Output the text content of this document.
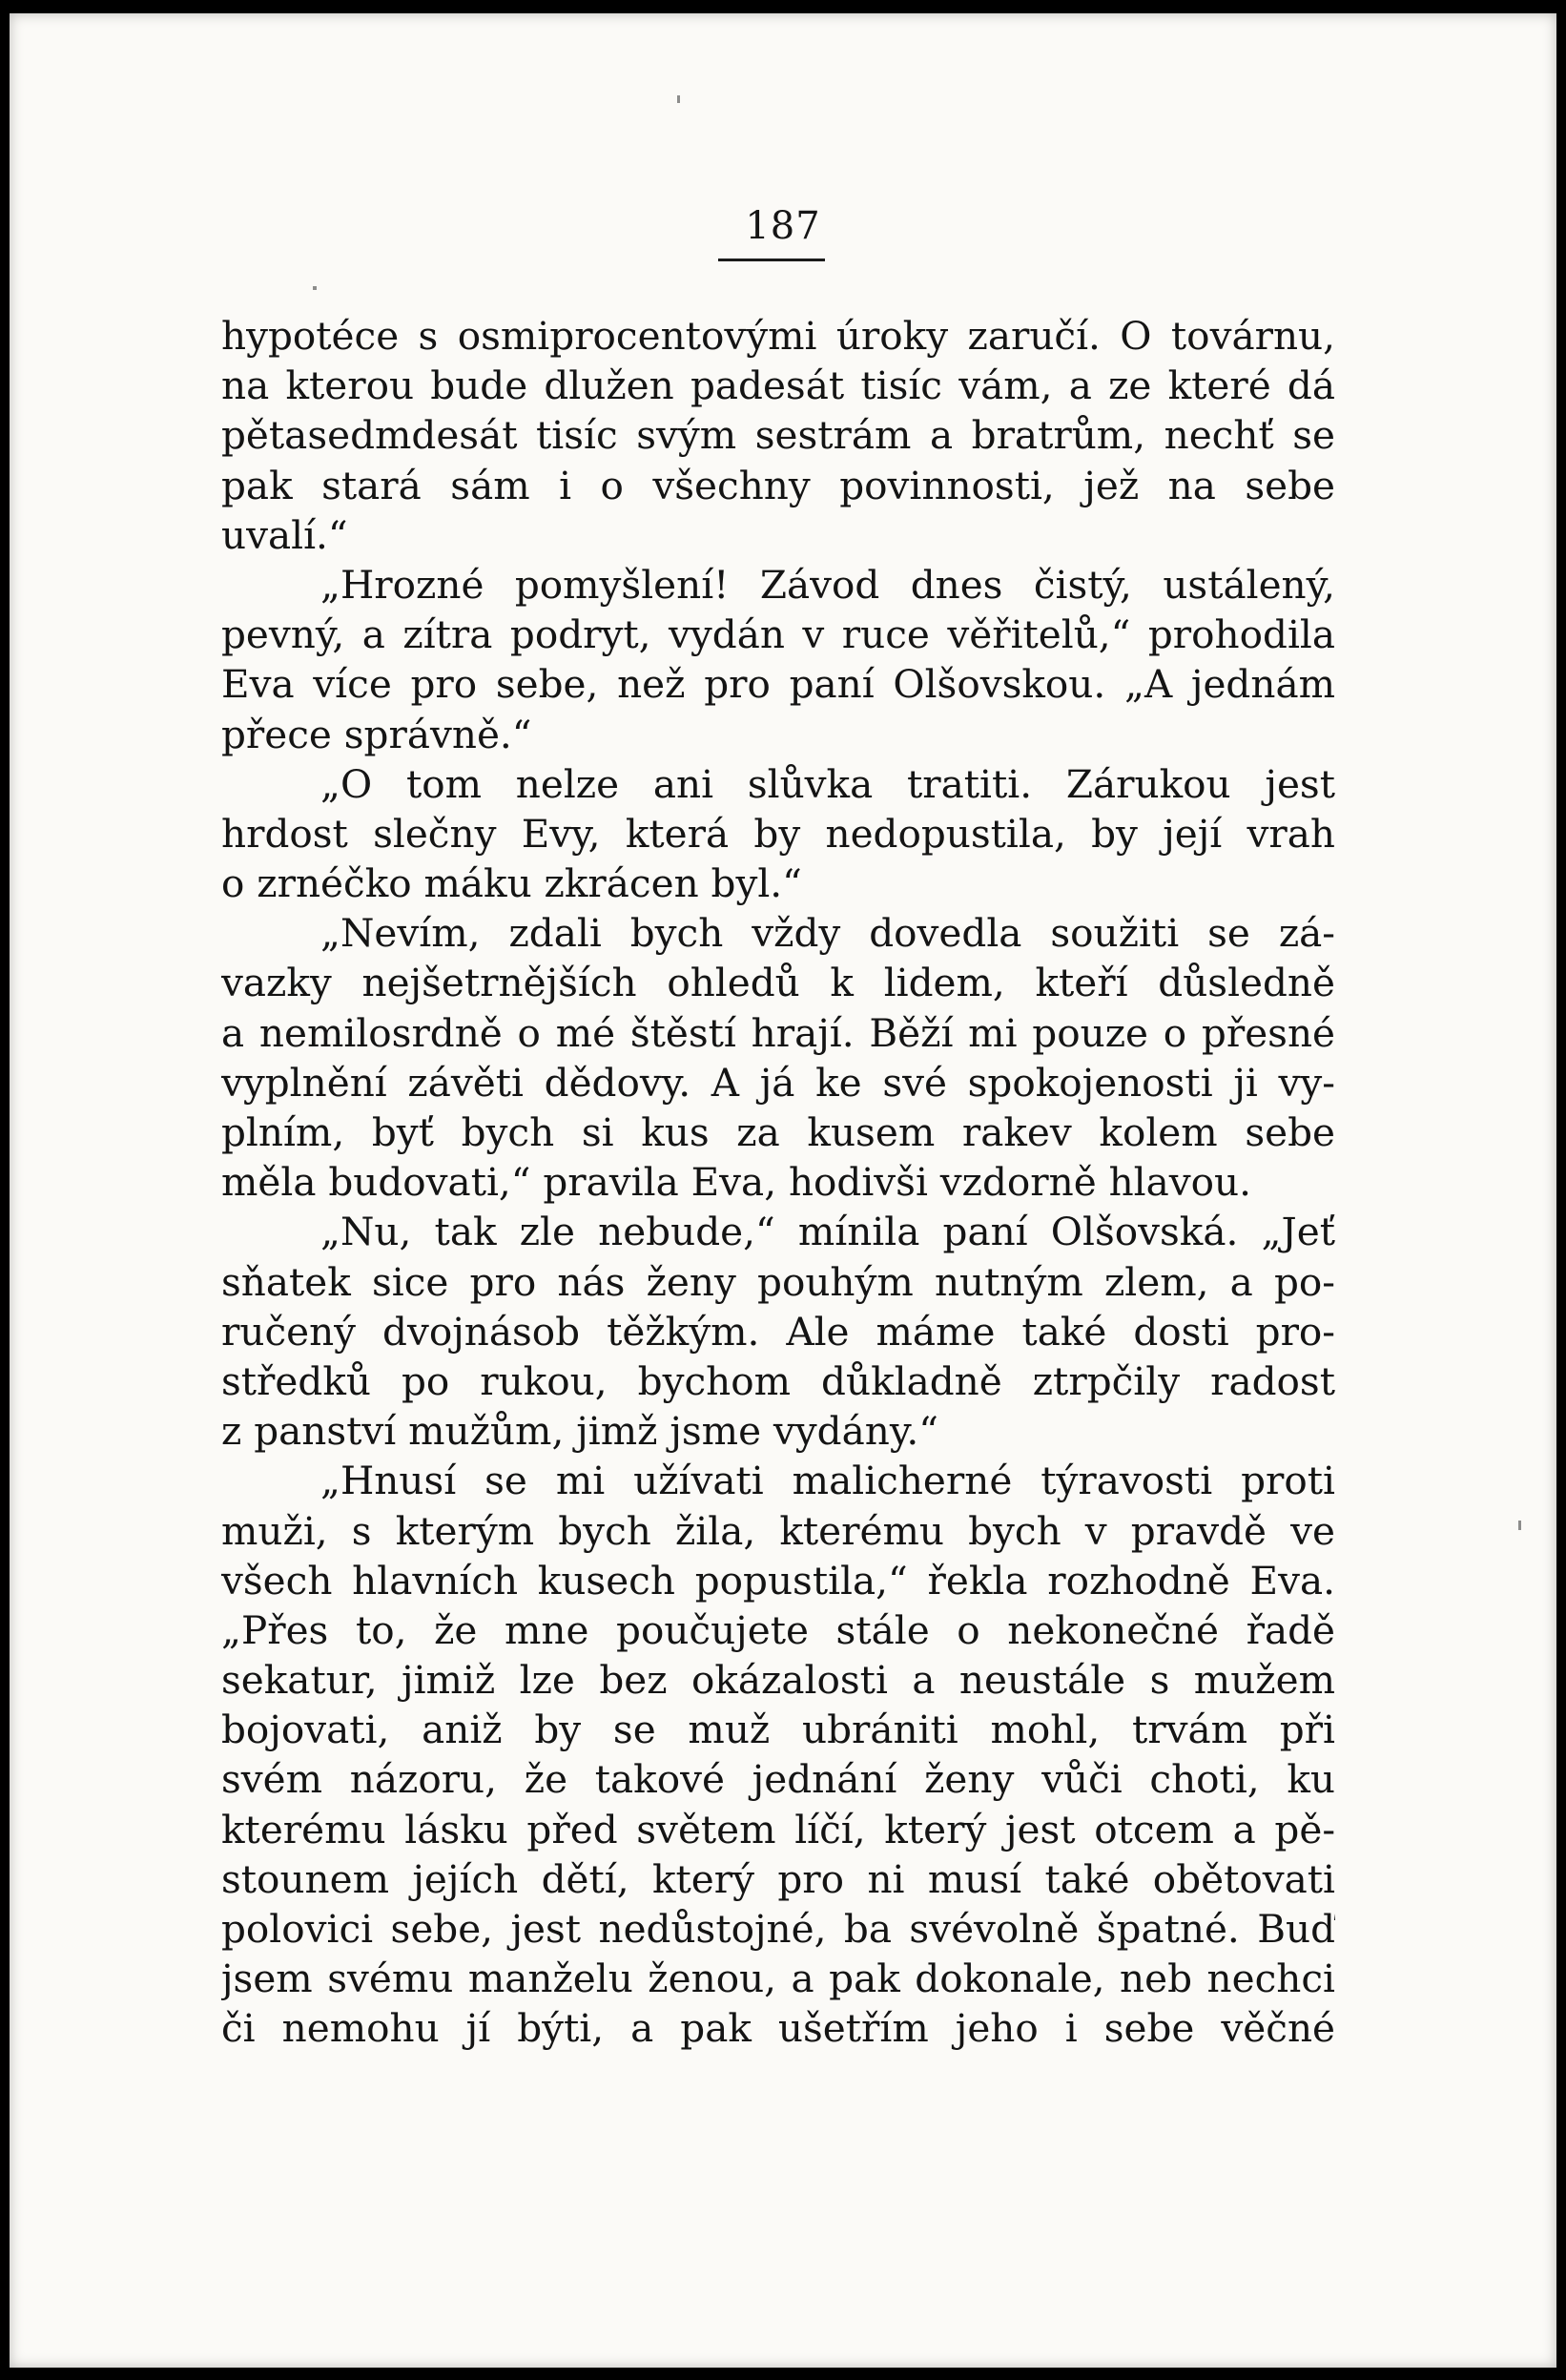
187
hypotéce s osmiprocentovými úroky zaručí. O továrnu,
na kterou bude dlužen padesát tisíc vám, a ze které dá
pětasedmdesát tisíc svým sestrám a bratrům, nechť se
pak stará sám i o všechny povinnosti, jež na sebe
uvalí.“
„Hrozné pomyšlení! Závod dnes čistý, ustálený,
pevný, a zítra podryt, vydán v ruce věřitelů,“ prohodila
Eva více pro sebe, než pro paní Olšovskou. „A jednám
přece správně.“
„O tom nelze ani slůvka tratiti. Zárukou jest
hrdost slečny Evy, která by nedopustila, by její vrah
o zrnéčko máku zkrácen byl.“
„Nevím, zdali bych vždy dovedla soužiti se zá-
vazky nejšetrnějších ohledů k lidem, kteří důsledně
a nemilosrdně o mé štěstí hrají. Běží mi pouze o přesné
vyplnění závěti dědovy. A já ke své spokojenosti ji vy-
plním, byť bych si kus za kusem rakev kolem sebe
měla budovati,“ pravila Eva, hodivši vzdorně hlavou.
„Nu, tak zle nebude,“ mínila paní Olšovská. „Jeť
sňatek sice pro nás ženy pouhým nutným zlem, a po-
ručený dvojnásob těžkým. Ale máme také dosti pro-
středků po rukou, bychom důkladně ztrpčily radost
z panství mužům, jimž jsme vydány.“
„Hnusí se mi užívati malicherné týravosti proti
muži, s kterým bych žila, kterému bych v pravdě ve
všech hlavních kusech popustila,“ řekla rozhodně Eva.
„Přes to, že mne poučujete stále o nekonečné řadě
sekatur, jimiž lze bez okázalosti a neustále s mužem
bojovati, aniž by se muž ubrániti mohl, trvám při
svém názoru, že takové jednání ženy vůči choti, ku
kterému lásku před světem líčí, který jest otcem a pě-
stounem jejích dětí, který pro ni musí také obětovati
polovici sebe, jest nedůstojné, ba svévolně špatné. Buď
jsem svému manželu ženou, a pak dokonale, neb nechci
či nemohu jí býti, a pak ušetřím jeho i sebe věčné
